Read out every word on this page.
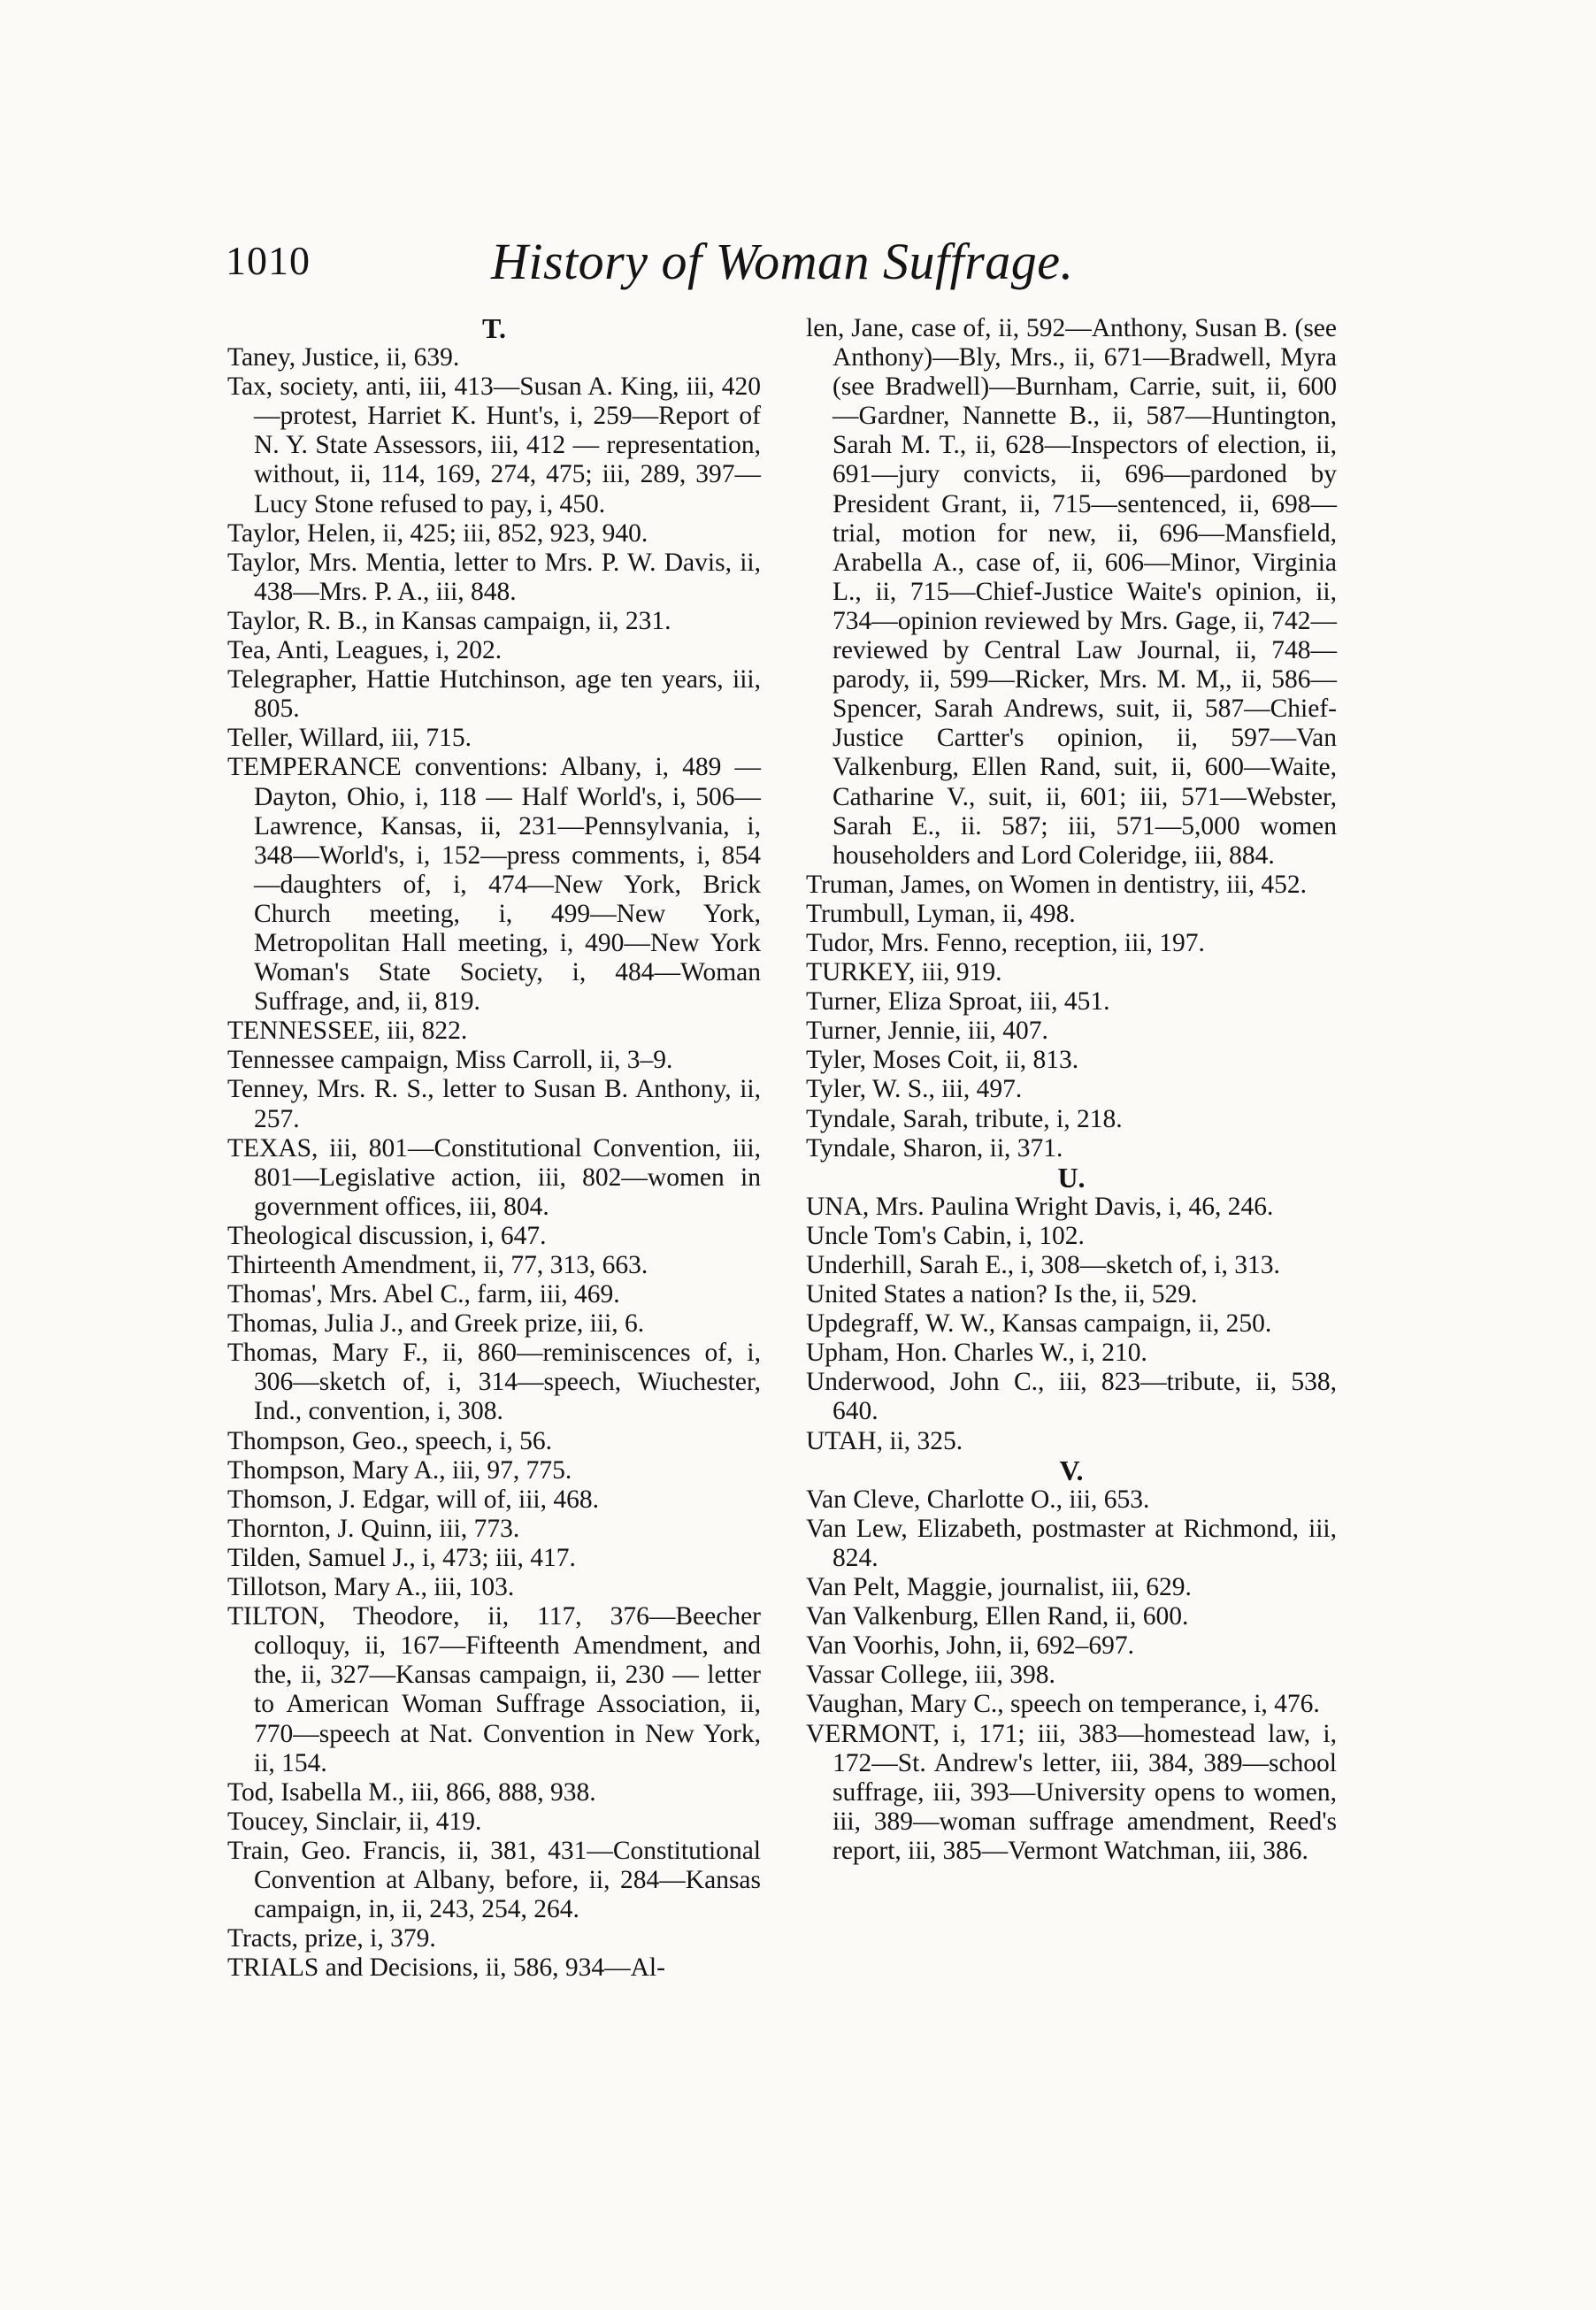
1010	History of Woman Suffrage.

T.

Taney, Justice, ii, 639.

Tax, society, anti, iii, 413—Susan A. King, iii, 420—protest, Harriet K. Hunt's, i, 259—Report of N. Y. State Assessors, iii, 412 — representation, without, ii, 114, 169, 274, 475; iii, 289, 397—Lucy Stone refused to pay, i, 450.

Taylor, Helen, ii, 425; iii, 852, 923, 940.

Taylor, Mrs. Mentia, letter to Mrs. P. W. Davis, ii, 438—Mrs. P. A., iii, 848.

Taylor, R. B., in Kansas campaign, ii, 231.

Tea, Anti, Leagues, i, 202.

Telegrapher, Hattie Hutchinson, age ten years, iii, 805.

Teller, Willard, iii, 715.

TEMPERANCE conventions: Albany, i, 489 — Dayton, Ohio, i, 118 — Half World's, i, 506—Lawrence, Kansas, ii, 231—Pennsylvania, i, 348—World's, i, 152—press comments, i, 854—daughters of, i, 474—New York, Brick Church meeting, i, 499—New York, Metropolitan Hall meeting, i, 490—New York Woman's State Society, i, 484—Woman Suffrage, and, ii, 819.

TENNESSEE, iii, 822.

Tennessee campaign, Miss Carroll, ii, 3–9.

Tenney, Mrs. R. S., letter to Susan B. Anthony, ii, 257.

TEXAS, iii, 801—Constitutional Convention, iii, 801—Legislative action, iii, 802—women in government offices, iii, 804.

Theological discussion, i, 647.

Thirteenth Amendment, ii, 77, 313, 663.

Thomas', Mrs. Abel C., farm, iii, 469.

Thomas, Julia J., and Greek prize, iii, 6.

Thomas, Mary F., ii, 860—reminiscences of, i, 306—sketch of, i, 314—speech, Wiuchester, Ind., convention, i, 308.

Thompson, Geo., speech, i, 56.

Thompson, Mary A., iii, 97, 775.

Thomson, J. Edgar, will of, iii, 468.

Thornton, J. Quinn, iii, 773.

Tilden, Samuel J., i, 473; iii, 417.

Tillotson, Mary A., iii, 103.

TILTON, Theodore, ii, 117, 376—Beecher colloquy, ii, 167—Fifteenth Amendment, and the, ii, 327—Kansas campaign, ii, 230 — letter to American Woman Suffrage Association, ii, 770—speech at Nat. Convention in New York, ii, 154.

Tod, Isabella M., iii, 866, 888, 938.

Toucey, Sinclair, ii, 419.

Train, Geo. Francis, ii, 381, 431—Constitutional Convention at Albany, before, ii, 284—Kansas campaign, in, ii, 243, 254, 264.

Tracts, prize, i, 379.

TRIALS and Decisions, ii, 586, 934—Al-

len, Jane, case of, ii, 592—Anthony, Susan B. (see Anthony)—Bly, Mrs., ii, 671—Bradwell, Myra (see Bradwell)—Burnham, Carrie, suit, ii, 600—Gardner, Nannette B., ii, 587—Huntington, Sarah M. T., ii, 628—Inspectors of election, ii, 691—jury convicts, ii, 696—pardoned by President Grant, ii, 715—sentenced, ii, 698—trial, motion for new, ii, 696—Mansfield, Arabella A., case of, ii, 606—Minor, Virginia L., ii, 715—Chief-Justice Waite's opinion, ii, 734—opinion reviewed by Mrs. Gage, ii, 742—reviewed by Central Law Journal, ii, 748—parody, ii, 599—Ricker, Mrs. M. M,, ii, 586—Spencer, Sarah Andrews, suit, ii, 587—Chief-Justice Cartter's opinion, ii, 597—Van Valkenburg, Ellen Rand, suit, ii, 600—Waite, Catharine V., suit, ii, 601; iii, 571—Webster, Sarah E., ii. 587; iii, 571—5,000 women householders and Lord Coleridge, iii, 884.

Truman, James, on Women in dentistry, iii, 452.

Trumbull, Lyman, ii, 498.

Tudor, Mrs. Fenno, reception, iii, 197.

TURKEY, iii, 919.

Turner, Eliza Sproat, iii, 451.

Turner, Jennie, iii, 407.

Tyler, Moses Coit, ii, 813.

Tyler, W. S., iii, 497.

Tyndale, Sarah, tribute, i, 218.

Tyndale, Sharon, ii, 371.

U.

UNA, Mrs. Paulina Wright Davis, i, 46, 246.

Uncle Tom's Cabin, i, 102.

Underhill, Sarah E., i, 308—sketch of, i, 313.

United States a nation? Is the, ii, 529.

Updegraff, W. W., Kansas campaign, ii, 250.

Upham, Hon. Charles W., i, 210.

Underwood, John C., iii, 823—tribute, ii, 538, 640.

UTAH, ii, 325.

V.

Van Cleve, Charlotte O., iii, 653.

Van Lew, Elizabeth, postmaster at Richmond, iii, 824.

Van Pelt, Maggie, journalist, iii, 629.

Van Valkenburg, Ellen Rand, ii, 600.

Van Voorhis, John, ii, 692–697.

Vassar College, iii, 398.

Vaughan, Mary C., speech on temperance, i, 476.

VERMONT, i, 171; iii, 383—homestead law, i, 172—St. Andrew's letter, iii, 384, 389—school suffrage, iii, 393—University opens to women, iii, 389—woman suffrage amendment, Reed's report, iii, 385—Vermont Watchman, iii, 386.
